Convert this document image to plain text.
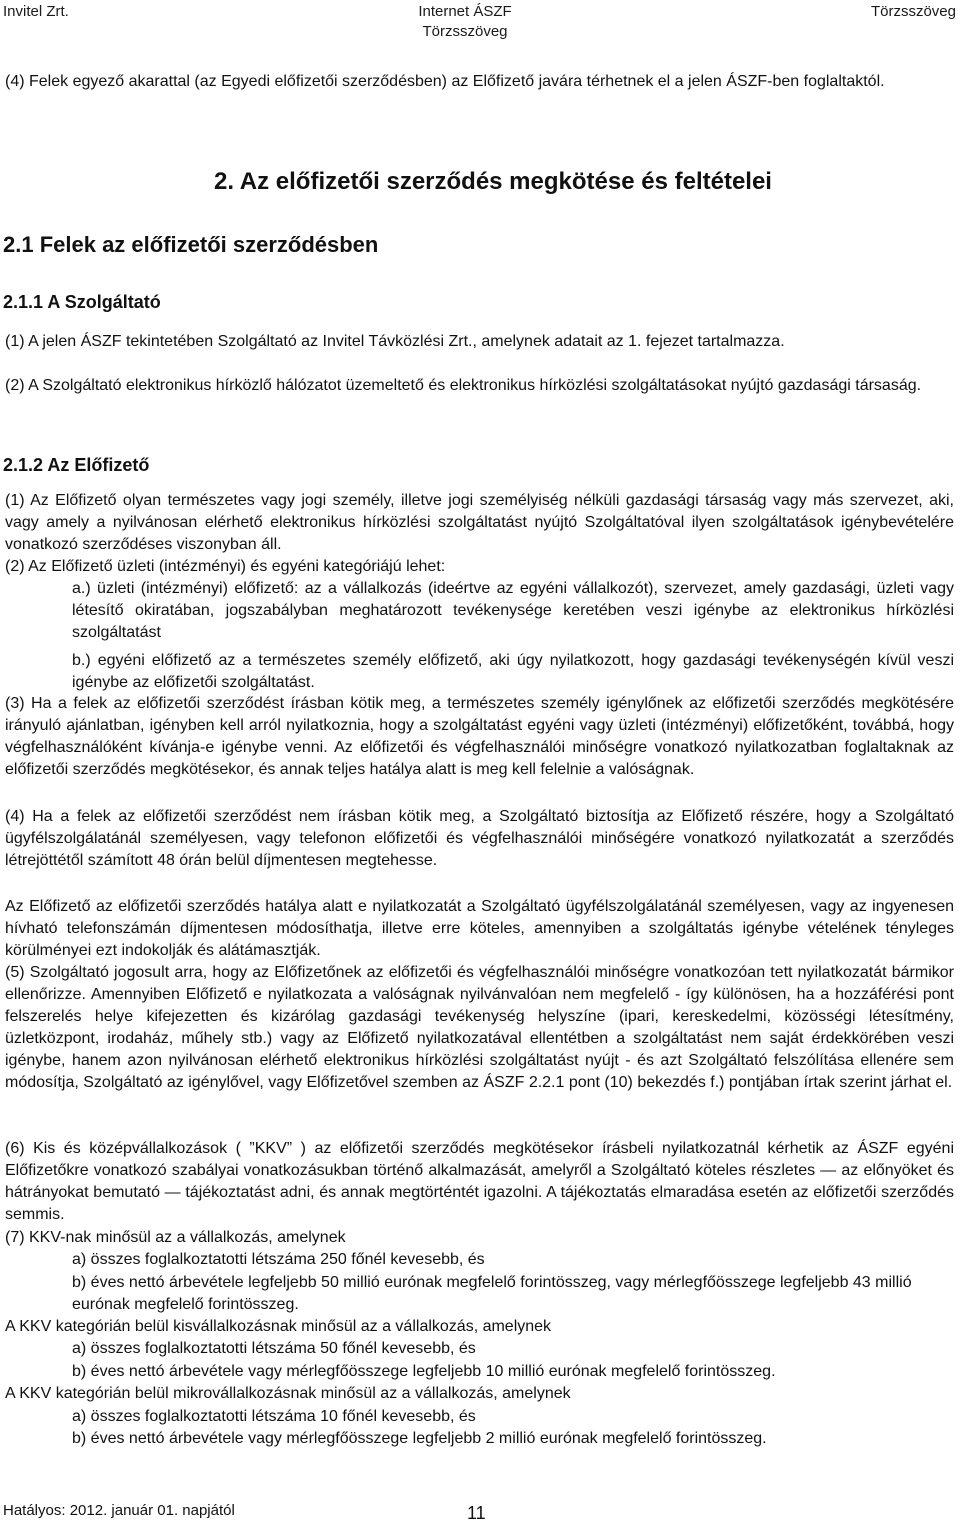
Invitel Zrt.	Internet ÁSZF
Törzsszöveg
Törzsszöveg

(4) Felek egyező akarattal (az Egyedi előfizetői szerződésben) az Előfizető javára térhetnek el a jelen ÁSZF-ben foglaltaktól.

2. Az előfizetői szerződés megkötése és feltételei
2.1 Felek az előfizetői szerződésben
2.1.1 A Szolgáltató

(1) A jelen ÁSZF tekintetében Szolgáltató az Invitel Távközlési Zrt., amelynek adatait az 1. fejezet tartalmazza.

(2) A Szolgáltató elektronikus hírközlő hálózatot üzemeltető és elektronikus hírközlési szolgáltatásokat nyújtó gazdasági társaság.

2.1.2 Az Előfizető

(1) Az Előfizető olyan természetes vagy jogi személy, illetve jogi személyiség nélküli gazdasági társaság vagy más szervezet, aki, vagy amely a nyilvánosan elérhető elektronikus hírközlési szolgáltatást nyújtó Szolgáltatóval ilyen szolgáltatások igénybevételére vonatkozó szerződéses viszonyban áll.

(2) Az Előfizető üzleti (intézményi) és egyéni kategóriájú lehet:

a.) üzleti (intézményi) előfizető: az a vállalkozás (ideértve az egyéni vállalkozót), szervezet, amely gazdasági, üzleti vagy létesítő okiratában, jogszabályban meghatározott tevékenysége keretében veszi igénybe az elektronikus hírközlési szolgáltatást

b.) egyéni előfizető az a természetes személy előfizető, aki úgy nyilatkozott, hogy gazdasági tevékenységén kívül veszi igénybe az előfizetői szolgáltatást.

(3) Ha a felek az előfizetői szerződést írásban kötik meg, a természetes személy igénylőnek az előfizetői szerződés megkötésére irányuló ajánlatban, igényben kell arról nyilatkoznia, hogy a szolgáltatást egyéni vagy üzleti (intézményi) előfizetőként, továbbá, hogy végfelhasználóként kívánja-e igénybe venni. Az előfizetői és végfelhasználói minőségre vonatkozó nyilatkozatban foglaltaknak az előfizetői szerződés megkötésekor, és annak teljes hatálya alatt is meg kell felelnie a valóságnak.

(4) Ha a felek az előfizetői szerződést nem írásban kötik meg, a Szolgáltató biztosítja az Előfizető részére, hogy a Szolgáltató ügyfélszolgálatánál személyesen, vagy telefonon előfizetői és végfelhasználói minőségére vonatkozó nyilatkozatát a szerződés létrejöttétől számított 48 órán belül díjmentesen megtehesse.

Az Előfizető az előfizetői szerződés hatálya alatt e nyilatkozatát a Szolgáltató ügyfélszolgálatánál személyesen, vagy az ingyenesen hívható telefonszámán díjmentesen módosíthatja, illetve erre köteles, amennyiben a szolgáltatás igénybe vételének tényleges körülményei ezt indokolják és alátámasztják.

(5) Szolgáltató jogosult arra, hogy az Előfizetőnek az előfizetői és végfelhasználói minőségre vonatkozóan tett nyilatkozatát bármikor ellenőrizze. Amennyiben Előfizető e nyilatkozata a valóságnak nyilvánvalóan nem megfelelő - így különösen, ha a hozzáférési pont felszerelés helye kifejezetten és kizárólag gazdasági tevékenység helyszíne (ipari, kereskedelmi, közösségi létesítmény, üzletközpont, irodaház, műhely stb.) vagy az Előfizető nyilatkozatával ellentétben a szolgáltatást nem saját érdekkörében veszi igénybe, hanem azon nyilvánosan elérhető elektronikus hírközlési szolgáltatást nyújt - és azt Szolgáltató felszólítása ellenére sem módosítja, Szolgáltató az igénylővel, vagy Előfizetővel szemben az ÁSZF 2.2.1 pont (10) bekezdés f.) pontjában írtak szerint járhat el.

(6) Kis és középvállalkozások ( ”KKV” ) az előfizetői szerződés megkötésekor írásbeli nyilatkozatnál kérhetik az ÁSZF egyéni Előfizetőkre vonatkozó szabályai vonatkozásukban történő alkalmazását, amelyről a Szolgáltató köteles részletes — az előnyöket és hátrányokat bemutató — tájékoztatást adni, és annak megtörténtét igazolni. A tájékoztatás elmaradása esetén az előfizetői szerződés semmis.

(7) KKV-nak minősül az a vállalkozás, amelynek

a) összes foglalkoztatotti létszáma 250 főnél kevesebb, és

b) éves nettó árbevétele legfeljebb 50 millió eurónak megfelelő forintösszeg, vagy mérlegfőösszege legfeljebb 43 millió eurónak megfelelő forintösszeg.

A KKV kategórián belül kisvállalkozásnak minősül az a vállalkozás, amelynek

a) összes foglalkoztatotti létszáma 50 főnél kevesebb, és

b) éves nettó árbevétele vagy mérlegfőösszege legfeljebb 10 millió eurónak megfelelő forintösszeg.

A KKV kategórián belül mikrovállalkozásnak minősül az a vállalkozás, amelynek

a) összes foglalkoztatotti létszáma 10 főnél kevesebb, és

b) éves nettó árbevétele vagy mérlegfőösszege legfeljebb 2 millió eurónak megfelelő forintösszeg.

Hatályos: 2012. január 01. napjától	11
